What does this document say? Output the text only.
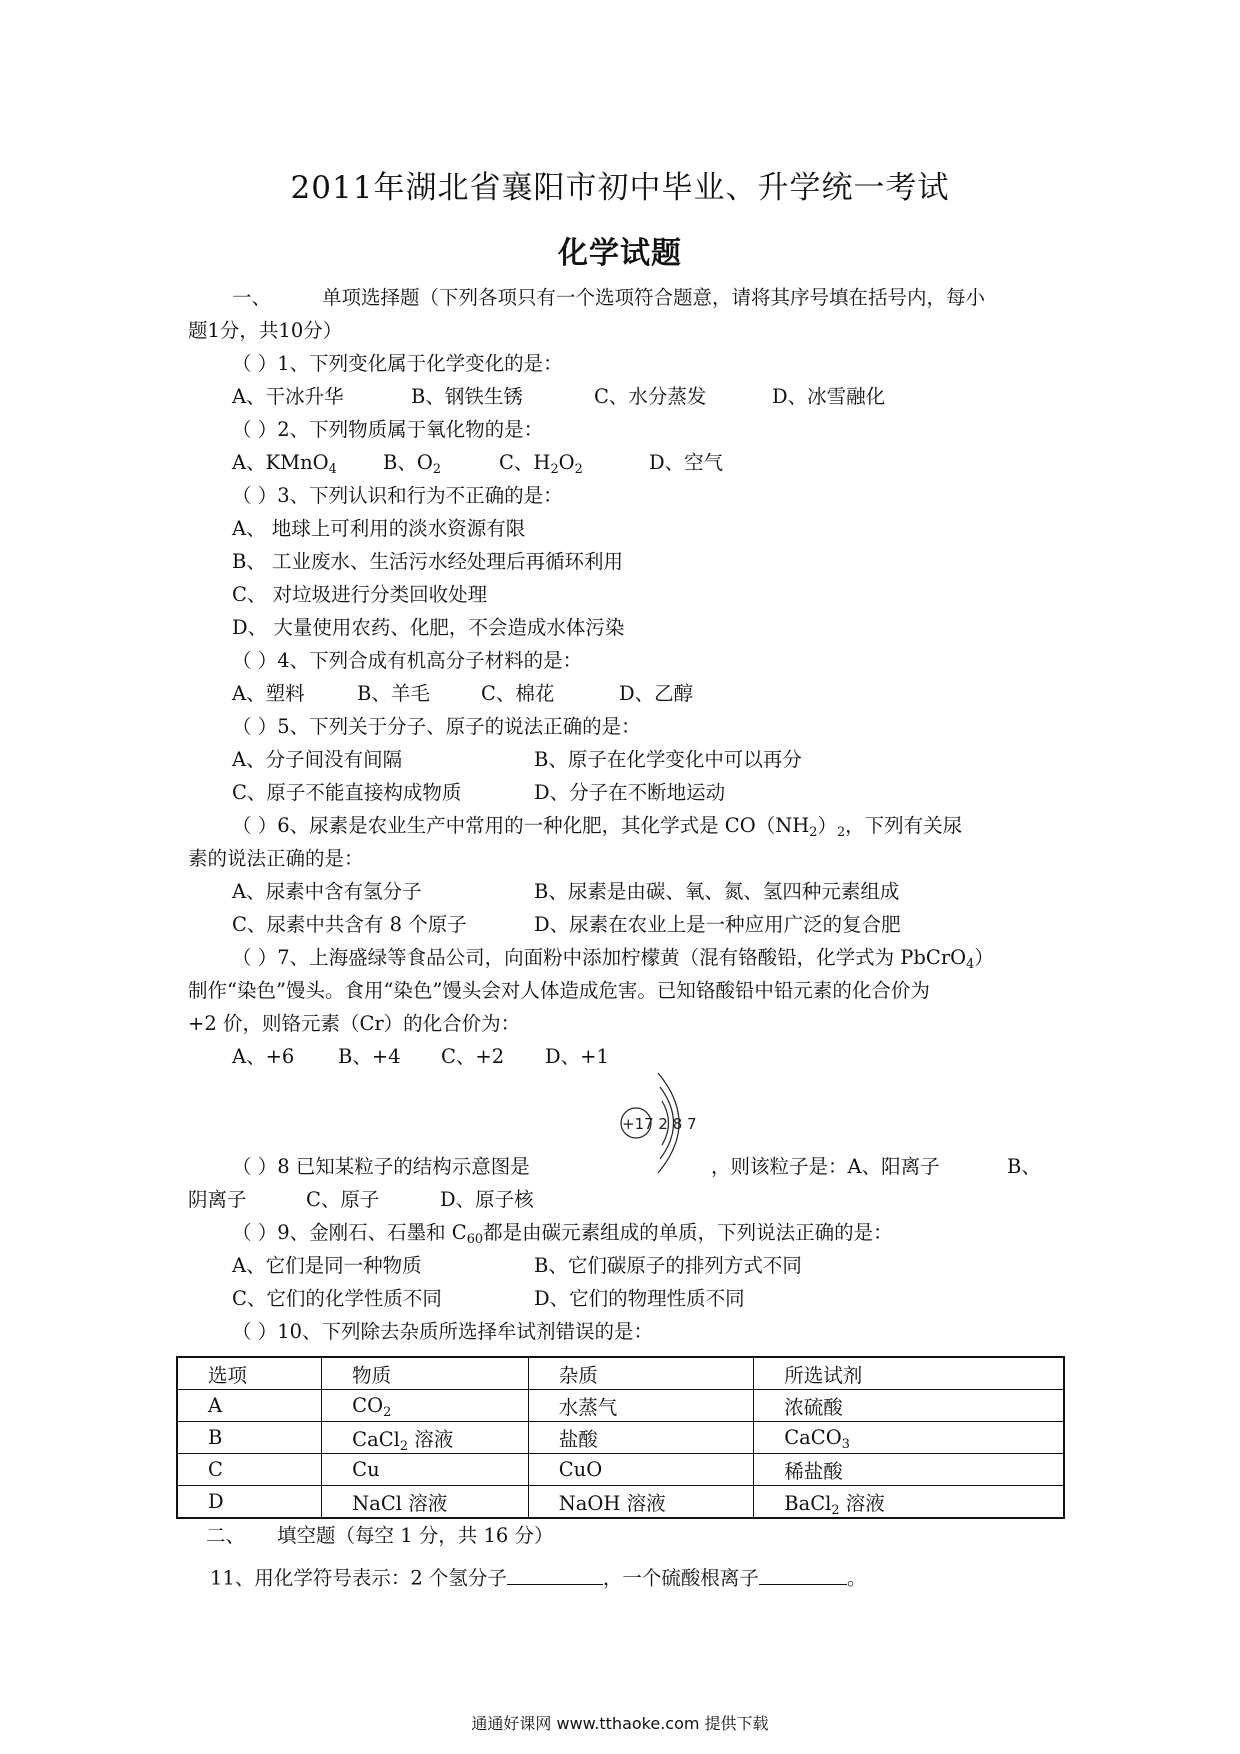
2011年湖北省襄阳市初中毕业、升学统一考试
化学试题
一、	单项选择题（下列各项只有一个选项符合题意，请将其序号填在括号内，每小
题1分，共10分）
（ ）1、下列变化属于化学变化的是：
A、干冰升华	B、钢铁生锈	C、水分蒸发	D、冰雪融化
（ ）2、下列物质属于氧化物的是：
A、KMnO$_4$ B、$O_2$	C、$H_2O_2$	D、空气
（ ）3、下列认识和行为不正确的是：
A、 地球上可利用的淡水资源有限
B、 工业废水、生活污水经处理后再循环利用
C、 对垃圾进行分类回收处理
D、 大量使用农药、化肥，不会造成水体污染
（ ）4、下列合成有机高分子材料的是：
A、塑料	B、羊毛	C、棉花	D、乙醇
（ ）5、下列关于分子、原子的说法正确的是：
A、分子间没有间隔	B、原子在化学变化中可以再分
C、原子不能直接构成物质	D、分子在不断地运动
（ ）6、尿素是农业生产中常用的一种化肥，其化学式是 $CO(NH_2)_2$，下列有关尿
素的说法正确的是：
A、尿素中含有氢分子	B、尿素是由碳、氧、氮、氢四种元素组成
C、尿素中共含有 8 个原子	D、尿素在农业上是一种应用广泛的复合肥
（ ）7、上海盛绿等食品公司，向面粉中添加柠檬黄（混有铬酸铅，化学式为 PbCrO$_4$）
制作“染色”馒头。食用“染色”馒头会对人体造成危害。已知铬酸铅中铅元素的化合价为
+2 价，则铬元素（Cr）的化合价为：
A、+6 B、+4 C、+2 D、+1
+17 2 8 7
（ ）8 已知某粒子的结构示意图是	，则该粒子是：A、阳离子	B、
阴离子	C、原子	D、原子核
（ ）9、金刚石、石墨和 $C_{60}$都是由碳元素组成的单质，下列说法正确的是：
A、它们是同一种物质	B、它们碳原子的排列方式不同
C、它们的化学性质不同	D、它们的物理性质不同
（ ）10、下列除去杂质所选择牟试剂错误的是：
选项	物质	杂质	所选试剂
A	$CO_2$	水蒸气	浓硫酸
B	CaCl$_2$ 溶液	盐酸	CaCO$_3$
C	Cu	CuO	稀盐酸
D	NaCl 溶液	NaOH 溶液	BaCl$_2$ 溶液
二、 填空题（每空 1 分，共 16 分）
11、用化学符号表示：2 个氢分子	，一个硫酸根离子	。
通通好课网 www.tthaoke.com 提供下载
